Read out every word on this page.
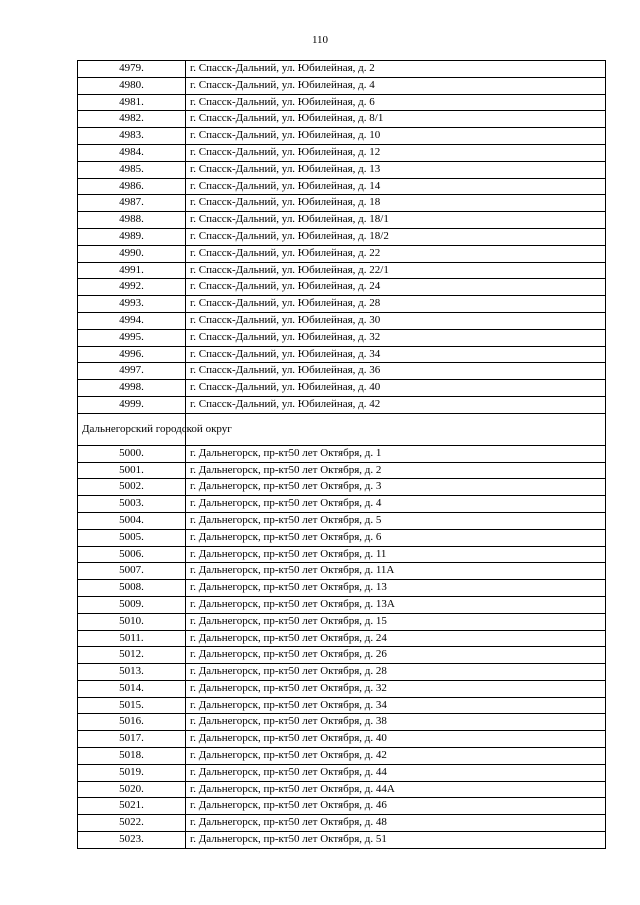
110
4979.	г. Спасск-Дальний, ул. Юбилейная, д. 2
4980.	г. Спасск-Дальний, ул. Юбилейная, д. 4
4981.	г. Спасск-Дальний, ул. Юбилейная, д. 6
4982.	г. Спасск-Дальний, ул. Юбилейная, д. 8/1
4983.	г. Спасск-Дальний, ул. Юбилейная, д. 10
4984.	г. Спасск-Дальний, ул. Юбилейная, д. 12
4985.	г. Спасск-Дальний, ул. Юбилейная, д. 13
4986.	г. Спасск-Дальний, ул. Юбилейная, д. 14
4987.	г. Спасск-Дальний, ул. Юбилейная, д. 18
4988.	г. Спасск-Дальний, ул. Юбилейная, д. 18/1
4989.	г. Спасск-Дальний, ул. Юбилейная, д. 18/2
4990.	г. Спасск-Дальний, ул. Юбилейная, д. 22
4991.	г. Спасск-Дальний, ул. Юбилейная, д. 22/1
4992.	г. Спасск-Дальний, ул. Юбилейная, д. 24
4993.	г. Спасск-Дальний, ул. Юбилейная, д. 28
4994.	г. Спасск-Дальний, ул. Юбилейная, д. 30
4995.	г. Спасск-Дальний, ул. Юбилейная, д. 32
4996.	г. Спасск-Дальний, ул. Юбилейная, д. 34
4997.	г. Спасск-Дальний, ул. Юбилейная, д. 36
4998.	г. Спасск-Дальний, ул. Юбилейная, д. 40
4999.	г. Спасск-Дальний, ул. Юбилейная, д. 42
Дальнегорский городской округ	
5000.	г. Дальнегорск, пр-кт50 лет Октября, д. 1
5001.	г. Дальнегорск, пр-кт50 лет Октября, д. 2
5002.	г. Дальнегорск, пр-кт50 лет Октября, д. 3
5003.	г. Дальнегорск, пр-кт50 лет Октября, д. 4
5004.	г. Дальнегорск, пр-кт50 лет Октября, д. 5
5005.	г. Дальнегорск, пр-кт50 лет Октября, д. 6
5006.	г. Дальнегорск, пр-кт50 лет Октября, д. 11
5007.	г. Дальнегорск, пр-кт50 лет Октября, д. 11А
5008.	г. Дальнегорск, пр-кт50 лет Октября, д. 13
5009.	г. Дальнегорск, пр-кт50 лет Октября, д. 13А
5010.	г. Дальнегорск, пр-кт50 лет Октября, д. 15
5011.	г. Дальнегорск, пр-кт50 лет Октября, д. 24
5012.	г. Дальнегорск, пр-кт50 лет Октября, д. 26
5013.	г. Дальнегорск, пр-кт50 лет Октября, д. 28
5014.	г. Дальнегорск, пр-кт50 лет Октября, д. 32
5015.	г. Дальнегорск, пр-кт50 лет Октября, д. 34
5016.	г. Дальнегорск, пр-кт50 лет Октября, д. 38
5017.	г. Дальнегорск, пр-кт50 лет Октября, д. 40
5018.	г. Дальнегорск, пр-кт50 лет Октября, д. 42
5019.	г. Дальнегорск, пр-кт50 лет Октября, д. 44
5020.	г. Дальнегорск, пр-кт50 лет Октября, д. 44А
5021.	г. Дальнегорск, пр-кт50 лет Октября, д. 46
5022.	г. Дальнегорск, пр-кт50 лет Октября, д. 48
5023.	г. Дальнегорск, пр-кт50 лет Октября, д. 51
